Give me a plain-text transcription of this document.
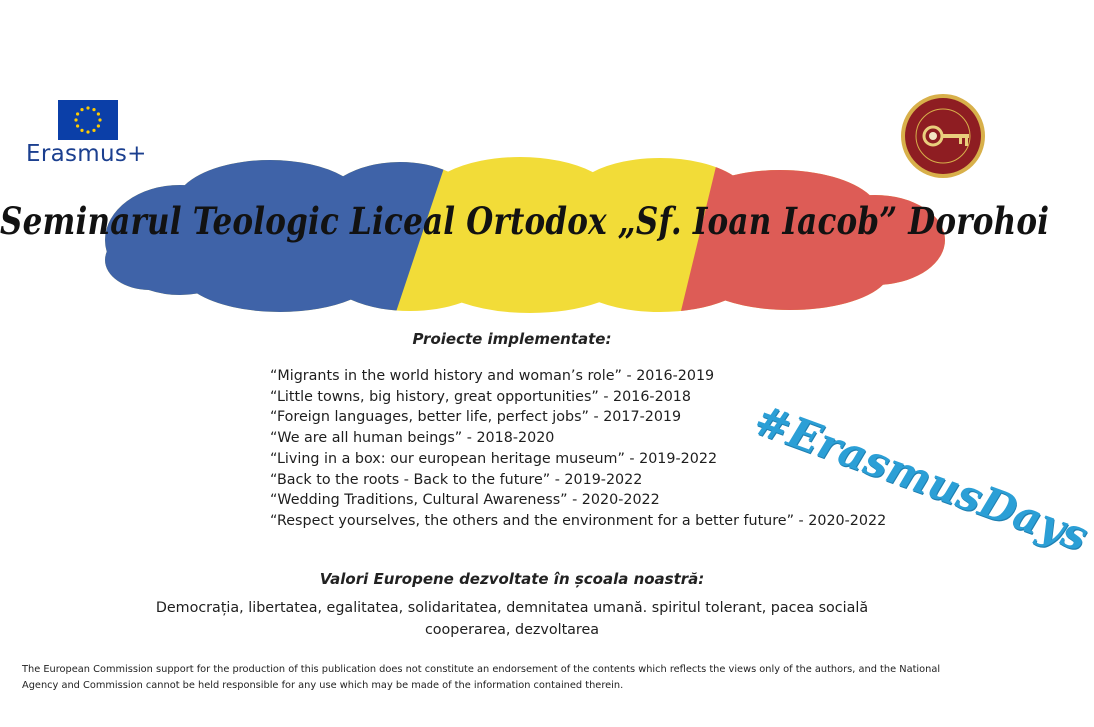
Erasmus+
Seminarul Teologic Liceal Ortodox „Sf. Ioan Iacob” Dorohoi
#ErasmusDays
Proiecte implementate:
“Migrants in the world history and woman’s role” - 2016-2019
“Little towns, big history, great opportunities” - 2016-2018
“Foreign languages, better life, perfect jobs” - 2017-2019
“We are all human beings” - 2018-2020
“Living in a box: our european heritage museum” - 2019-2022
“Back to the roots - Back to the future” - 2019-2022
“Wedding Traditions, Cultural Awareness” - 2020-2022
“Respect yourselves, the others and the environment for a better future” - 2020-2022
Valori Europene dezvoltate în școala noastră:
Democrația, libertatea, egalitatea, solidaritatea, demnitatea umană. spiritul tolerant, pacea socială
cooperarea, dezvoltarea
The European Commission support for the production of this publication does not constitute an endorsement of the contents which reflects the views only of the authors, and the National
Agency and Commission cannot be held responsible for any use which may be made of the information contained therein.
